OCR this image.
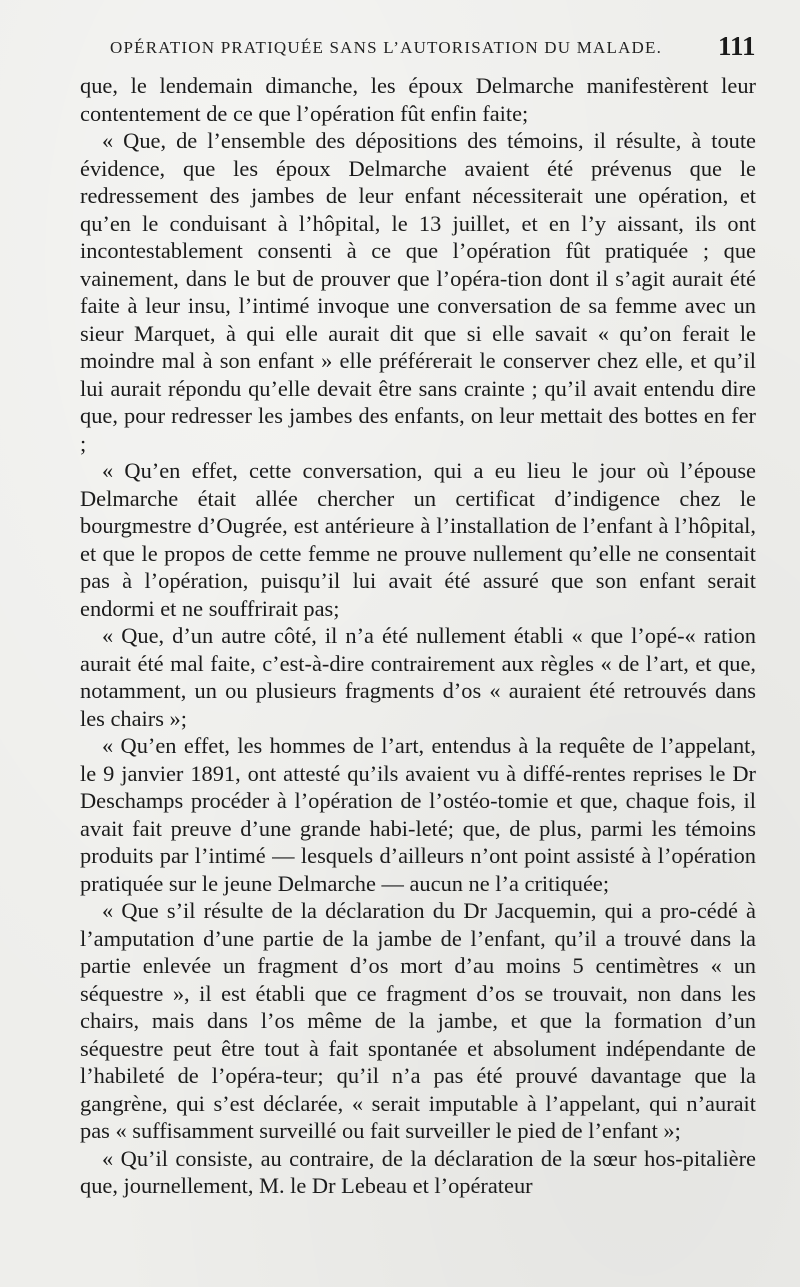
OPÉRATION PRATIQUÉE SANS L’AUTORISATION DU MALADE.	111

que, le lendemain dimanche, les époux Delmarche manifestèrent leur contentement de ce que l’opération fût enfin faite;

« Que, de l’ensemble des dépositions des témoins, il résulte, à toute évidence, que les époux Delmarche avaient été prévenus que le redressement des jambes de leur enfant nécessiterait une opération, et qu’en le conduisant à l’hôpital, le 13 juillet, et en l’y aissant, ils ont incontestablement consenti à ce que l’opération fût pratiquée ; que vainement, dans le but de prouver que l’opéra-tion dont il s’agit aurait été faite à leur insu, l’intimé invoque une conversation de sa femme avec un sieur Marquet, à qui elle aurait dit que si elle savait « qu’on ferait le moindre mal à son enfant » elle préférerait le conserver chez elle, et qu’il lui aurait répondu qu’elle devait être sans crainte ; qu’il avait entendu dire que, pour redresser les jambes des enfants, on leur mettait des bottes en fer ;

« Qu’en effet, cette conversation, qui a eu lieu le jour où l’épouse Delmarche était allée chercher un certificat d’indigence chez le bourgmestre d’Ougrée, est antérieure à l’installation de l’enfant à l’hôpital, et que le propos de cette femme ne prouve nullement qu’elle ne consentait pas à l’opération, puisqu’il lui avait été assuré que son enfant serait endormi et ne souffrirait pas;

« Que, d’un autre côté, il n’a été nullement établi « que l’opé-« ration aurait été mal faite, c’est-à-dire contrairement aux règles « de l’art, et que, notamment, un ou plusieurs fragments d’os « auraient été retrouvés dans les chairs »;

« Qu’en effet, les hommes de l’art, entendus à la requête de l’appelant, le 9 janvier 1891, ont attesté qu’ils avaient vu à diffé-rentes reprises le Dr Deschamps procéder à l’opération de l’ostéo-tomie et que, chaque fois, il avait fait preuve d’une grande habi-leté; que, de plus, parmi les témoins produits par l’intimé — lesquels d’ailleurs n’ont point assisté à l’opération pratiquée sur le jeune Delmarche — aucun ne l’a critiquée;

« Que s’il résulte de la déclaration du Dr Jacquemin, qui a pro-cédé à l’amputation d’une partie de la jambe de l’enfant, qu’il a trouvé dans la partie enlevée un fragment d’os mort d’au moins 5 centimètres « un séquestre », il est établi que ce fragment d’os se trouvait, non dans les chairs, mais dans l’os même de la jambe, et que la formation d’un séquestre peut être tout à fait spontanée et absolument indépendante de l’habileté de l’opéra-teur; qu’il n’a pas été prouvé davantage que la gangrène, qui s’est déclarée, « serait imputable à l’appelant, qui n’aurait pas « suffisamment surveillé ou fait surveiller le pied de l’enfant »;

« Qu’il consiste, au contraire, de la déclaration de la sœur hos-pitalière que, journellement, M. le Dr Lebeau et l’opérateur
